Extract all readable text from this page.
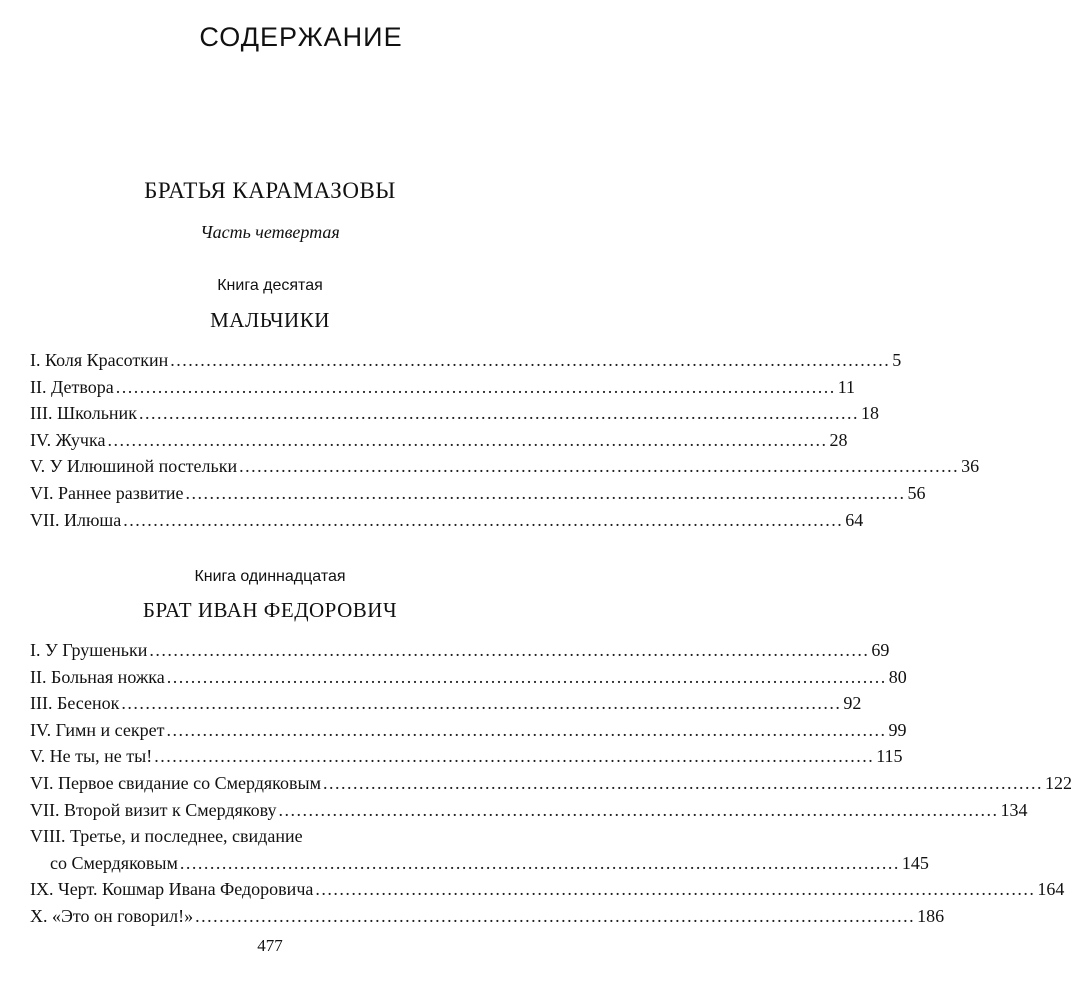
СОДЕРЖАНИЕ
БРАТЬЯ КАРАМАЗОВЫ
Часть четвертая
Книга десятая
МАЛЬЧИКИ
I. Коля Красоткин ........................................................................................................................ 5
II. Детвора ........................................................................................................................ 11
III. Школьник ........................................................................................................................ 18
IV. Жучка ........................................................................................................................ 28
V. У Илюшиной постельки ........................................................................................................................ 36
VI. Раннее развитие ........................................................................................................................ 56
VII. Илюша ........................................................................................................................ 64
Книга одиннадцатая
БРАТ ИВАН ФЕДОРОВИЧ
I. У Грушеньки ........................................................................................................................ 69
II. Больная ножка ........................................................................................................................ 80
III. Бесенок ........................................................................................................................ 92
IV. Гимн и секрет ........................................................................................................................ 99
V. Не ты, не ты! ........................................................................................................................ 115
VI. Первое свидание со Смердяковым ........................................................................................................................ 122
VII. Второй визит к Смердякову ........................................................................................................................ 134
VIII. Третье, и последнее, свидание
со Смердяковым ........................................................................................................................ 145
IX. Черт. Кошмар Ивана Федоровича ........................................................................................................................ 164
X. «Это он говорил!» ........................................................................................................................ 186
477
